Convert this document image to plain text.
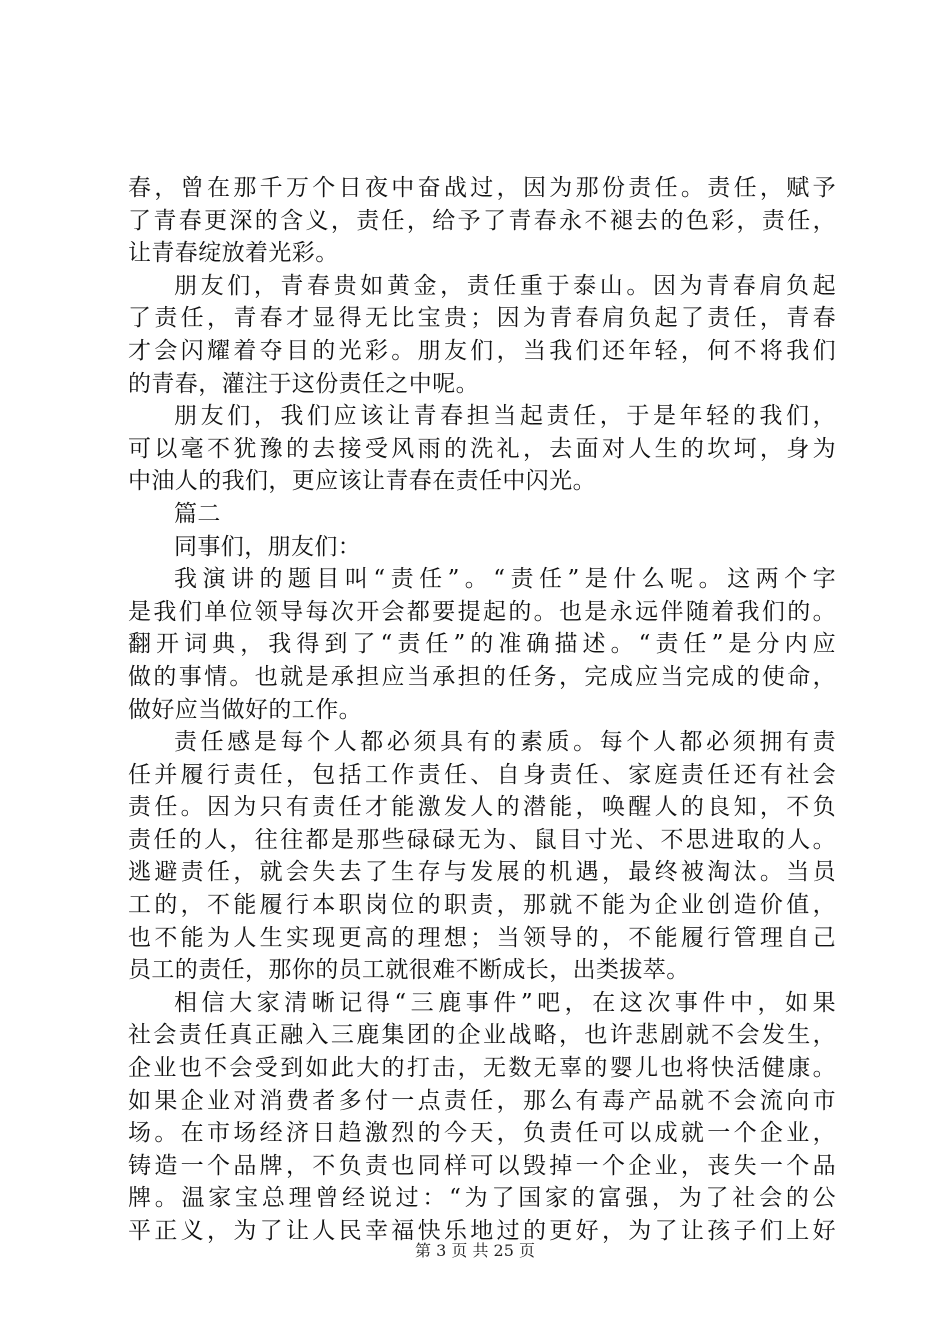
春，曾在那千万个日夜中奋战过，因为那份责任。责任，赋予
了青春更深的含义，责任，给予了青春永不褪去的色彩，责任，
让青春绽放着光彩。
朋友们，青春贵如黄金，责任重于泰山。因为青春肩负起
了责任，青春才显得无比宝贵；因为青春肩负起了责任，青春
才会闪耀着夺目的光彩。朋友们，当我们还年轻，何不将我们
的青春，灌注于这份责任之中呢。
朋友们，我们应该让青春担当起责任，于是年轻的我们，
可以毫不犹豫的去接受风雨的洗礼，去面对人生的坎坷，身为
中油人的我们，更应该让青春在责任中闪光。
篇二
同事们，朋友们：
我演讲的题目叫“责任”。“责任”是什么呢。这两个字
是我们单位领导每次开会都要提起的。也是永远伴随着我们的。
翻开词典，我得到了“责任”的准确描述。“责任”是分内应
做的事情。也就是承担应当承担的任务，完成应当完成的使命，
做好应当做好的工作。
责任感是每个人都必须具有的素质。每个人都必须拥有责
任并履行责任，包括工作责任、自身责任、家庭责任还有社会
责任。因为只有责任才能激发人的潜能，唤醒人的良知，不负
责任的人，往往都是那些碌碌无为、鼠目寸光、不思进取的人。
逃避责任，就会失去了生存与发展的机遇，最终被淘汰。当员
工的，不能履行本职岗位的职责，那就不能为企业创造价值，
也不能为人生实现更高的理想；当领导的，不能履行管理自己
员工的责任，那你的员工就很难不断成长，出类拔萃。
相信大家清晰记得“三鹿事件”吧，在这次事件中，如果
社会责任真正融入三鹿集团的企业战略，也许悲剧就不会发生，
企业也不会受到如此大的打击，无数无辜的婴儿也将快活健康。
如果企业对消费者多付一点责任，那么有毒产品就不会流向市
场。在市场经济日趋激烈的今天，负责任可以成就一个企业，
铸造一个品牌，不负责也同样可以毁掉一个企业，丧失一个品
牌。温家宝总理曾经说过：“为了国家的富强，为了社会的公
平正义，为了让人民幸福快乐地过的更好，为了让孩子们上好
第 3 页 共 25 页
